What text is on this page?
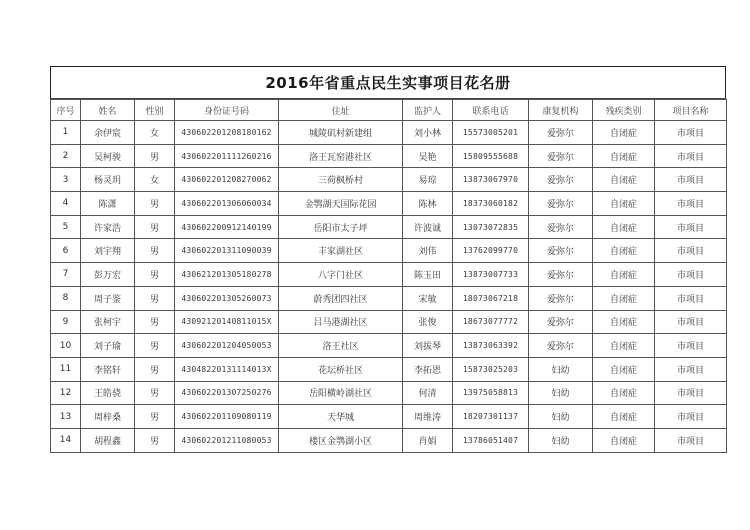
2016年省重点民生实事项目花名册
序号	姓名	性别	身份证号码	住址	监护人	联系电话	康复机构	残疾类别	项目名称
1	余伊宸	女	430602201208180162	城陵矶村新建组	刘小林	15573005201	爱弥尔	自闭症	市项目
2	吴柯骏	男	430602201111260216	洛王瓦窑港社区	吴艳	15809555688	爱弥尔	自闭症	市项目
3	杨灵玥	女	430602201208270062	三荷枫桥村	易琼	13873067970	爱弥尔	自闭症	市项目
4	陈潇	男	430602201306060034	金鹗湖天国际花园	陈林	18373060182	爱弥尔	自闭症	市项目
5	许家浩	男	430602200912140199	岳阳市太子坪	许波诚	13073072835	爱弥尔	自闭症	市项目
6	刘宇翔	男	430602201311090039	丰家湖社区	刘伟	13762099770	爱弥尔	自闭症	市项目
7	彭万宏	男	430621201305180278	八字门社区	陈玉田	13873007733	爱弥尔	自闭症	市项目
8	周子鉴	男	430602201305260073	蔚秀团四社区	宋敏	18073067218	爱弥尔	自闭症	市项目
9	张柯宇	男	43092120140811015X	吕马港湖社区	张俊	18673077772	爱弥尔	自闭症	市项目
10	刘子瑜	男	430602201204050053	洛王社区	刘拔琴	13873063392	爱弥尔	自闭症	市项目
11	李铭轩	男	43048220131114013X	花坛桥社区	李拓恩	15873025203	妇幼	自闭症	市项目
12	王皓骁	男	430602201307250276	岳阳横岭湖社区	何清	13975058813	妇幼	自闭症	市项目
13	周梓桑	男	430602201109080119	天华城	周维涛	18207301137	妇幼	自闭症	市项目
14	胡程鑫	男	430602201211080053	楼区金鹗湖小区	肖娟	13786051407	妇幼	自闭症	市项目
